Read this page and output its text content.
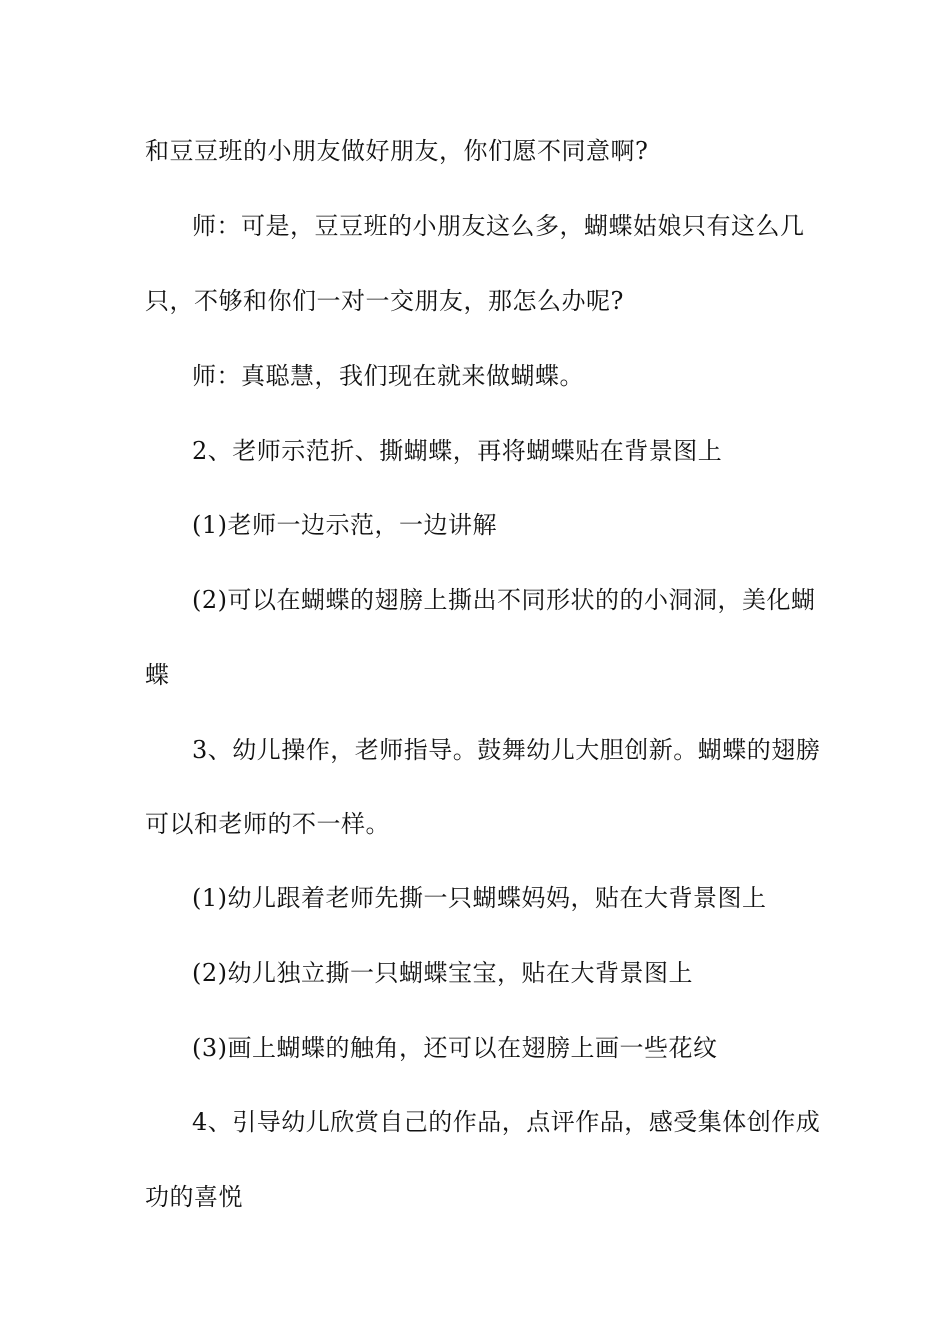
和豆豆班的小朋友做好朋友，你们愿不同意啊?
师：可是，豆豆班的小朋友这么多，蝴蝶姑娘只有这么几
只，不够和你们一对一交朋友，那怎么办呢?
师：真聪慧，我们现在就来做蝴蝶。
2、老师示范折、撕蝴蝶，再将蝴蝶贴在背景图上
(1)老师一边示范，一边讲解
(2)可以在蝴蝶的翅膀上撕出不同形状的的小洞洞，美化蝴
蝶
3、幼儿操作，老师指导。鼓舞幼儿大胆创新。蝴蝶的翅膀
可以和老师的不一样。
(1)幼儿跟着老师先撕一只蝴蝶妈妈，贴在大背景图上
(2)幼儿独立撕一只蝴蝶宝宝，贴在大背景图上
(3)画上蝴蝶的触角，还可以在翅膀上画一些花纹
4、引导幼儿欣赏自己的作品，点评作品，感受集体创作成
功的喜悦
